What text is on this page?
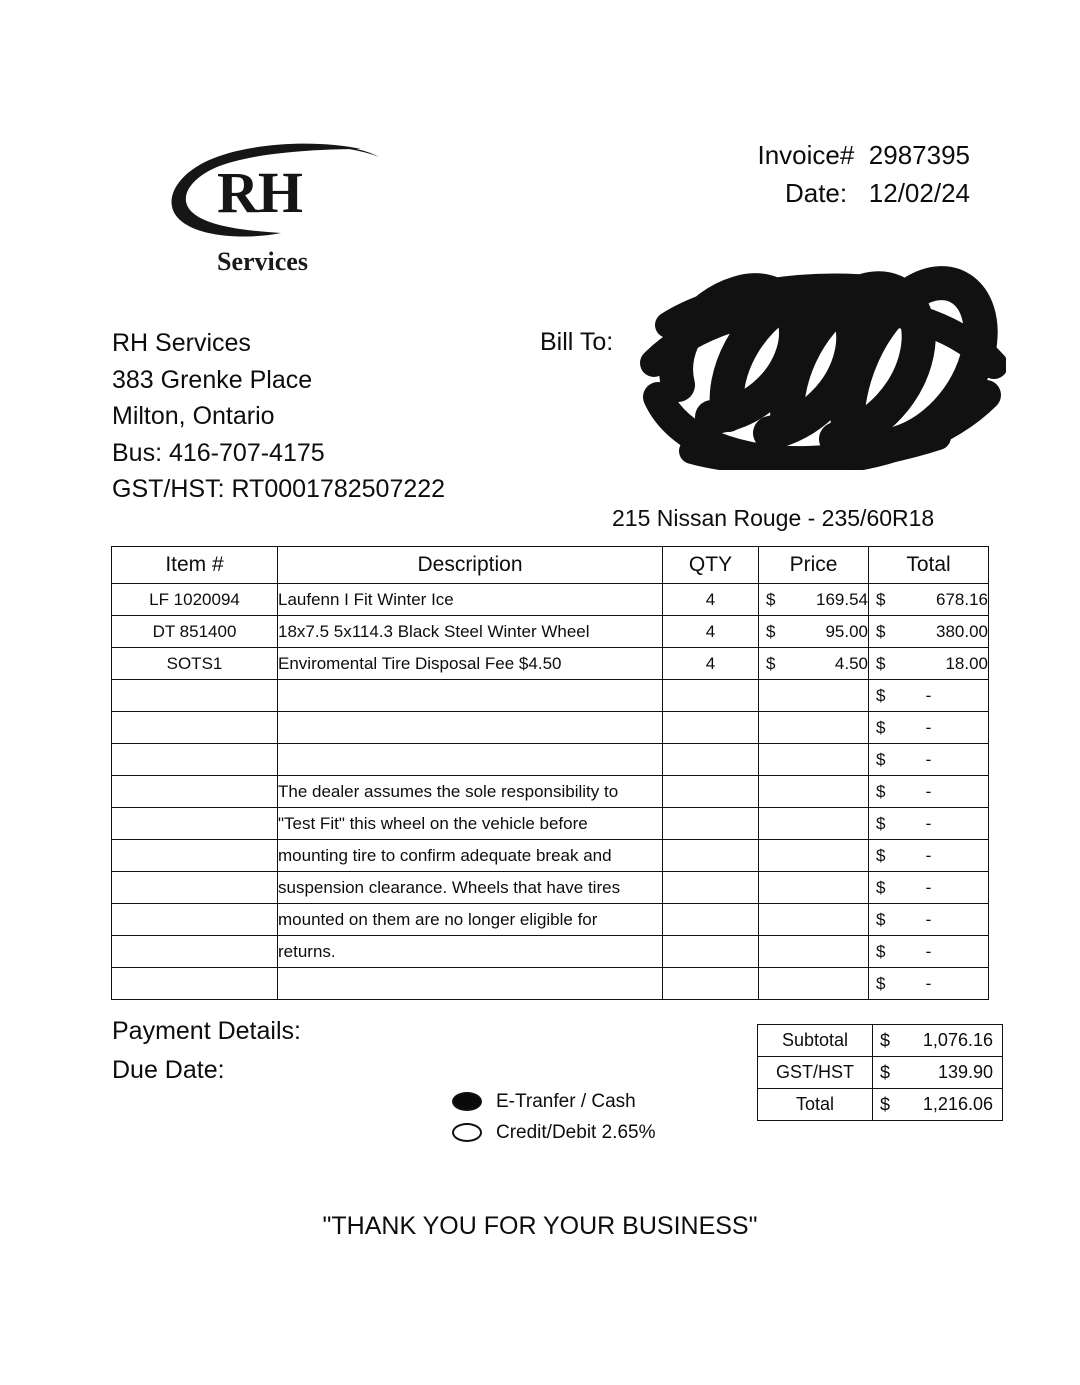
RH
Services
Invoice#  2987395
Date:   12/02/24
RH Services
383 Grenke Place
Milton, Ontario
Bus: 416-707-4175
GST/HST: RT0001782507222
Bill To:
215 Nissan Rouge - 235/60R18
Item #	Description	QTY	Price	Total
LF 1020094	Laufenn I Fit Winter Ice	4	$ 169.54	$ 678.16
DT 851400	18x7.5 5x114.3 Black Steel Winter Wheel	4	$ 95.00	$ 380.00
SOTS1	Enviromental Tire Disposal Fee $4.50	4	$ 4.50	$ 18.00

				$ -

				$ -

				$ -
	The dealer assumes the sole responsibility to			$ -
	"Test Fit" this wheel on the vehicle before			$ -
	mounting tire to confirm adequate break and			$ -
	suspension clearance. Wheels that have tires			$ -
	mounted on them are no longer eligible for			$ -
	returns.			$ -

				$ -
Payment Details:
Due Date:
E-Tranfer / Cash
Credit/Debit 2.65%
Subtotal	$ 1,076.16
GST/HST	$ 139.90
Total	$ 1,216.06
"THANK YOU FOR YOUR BUSINESS"
